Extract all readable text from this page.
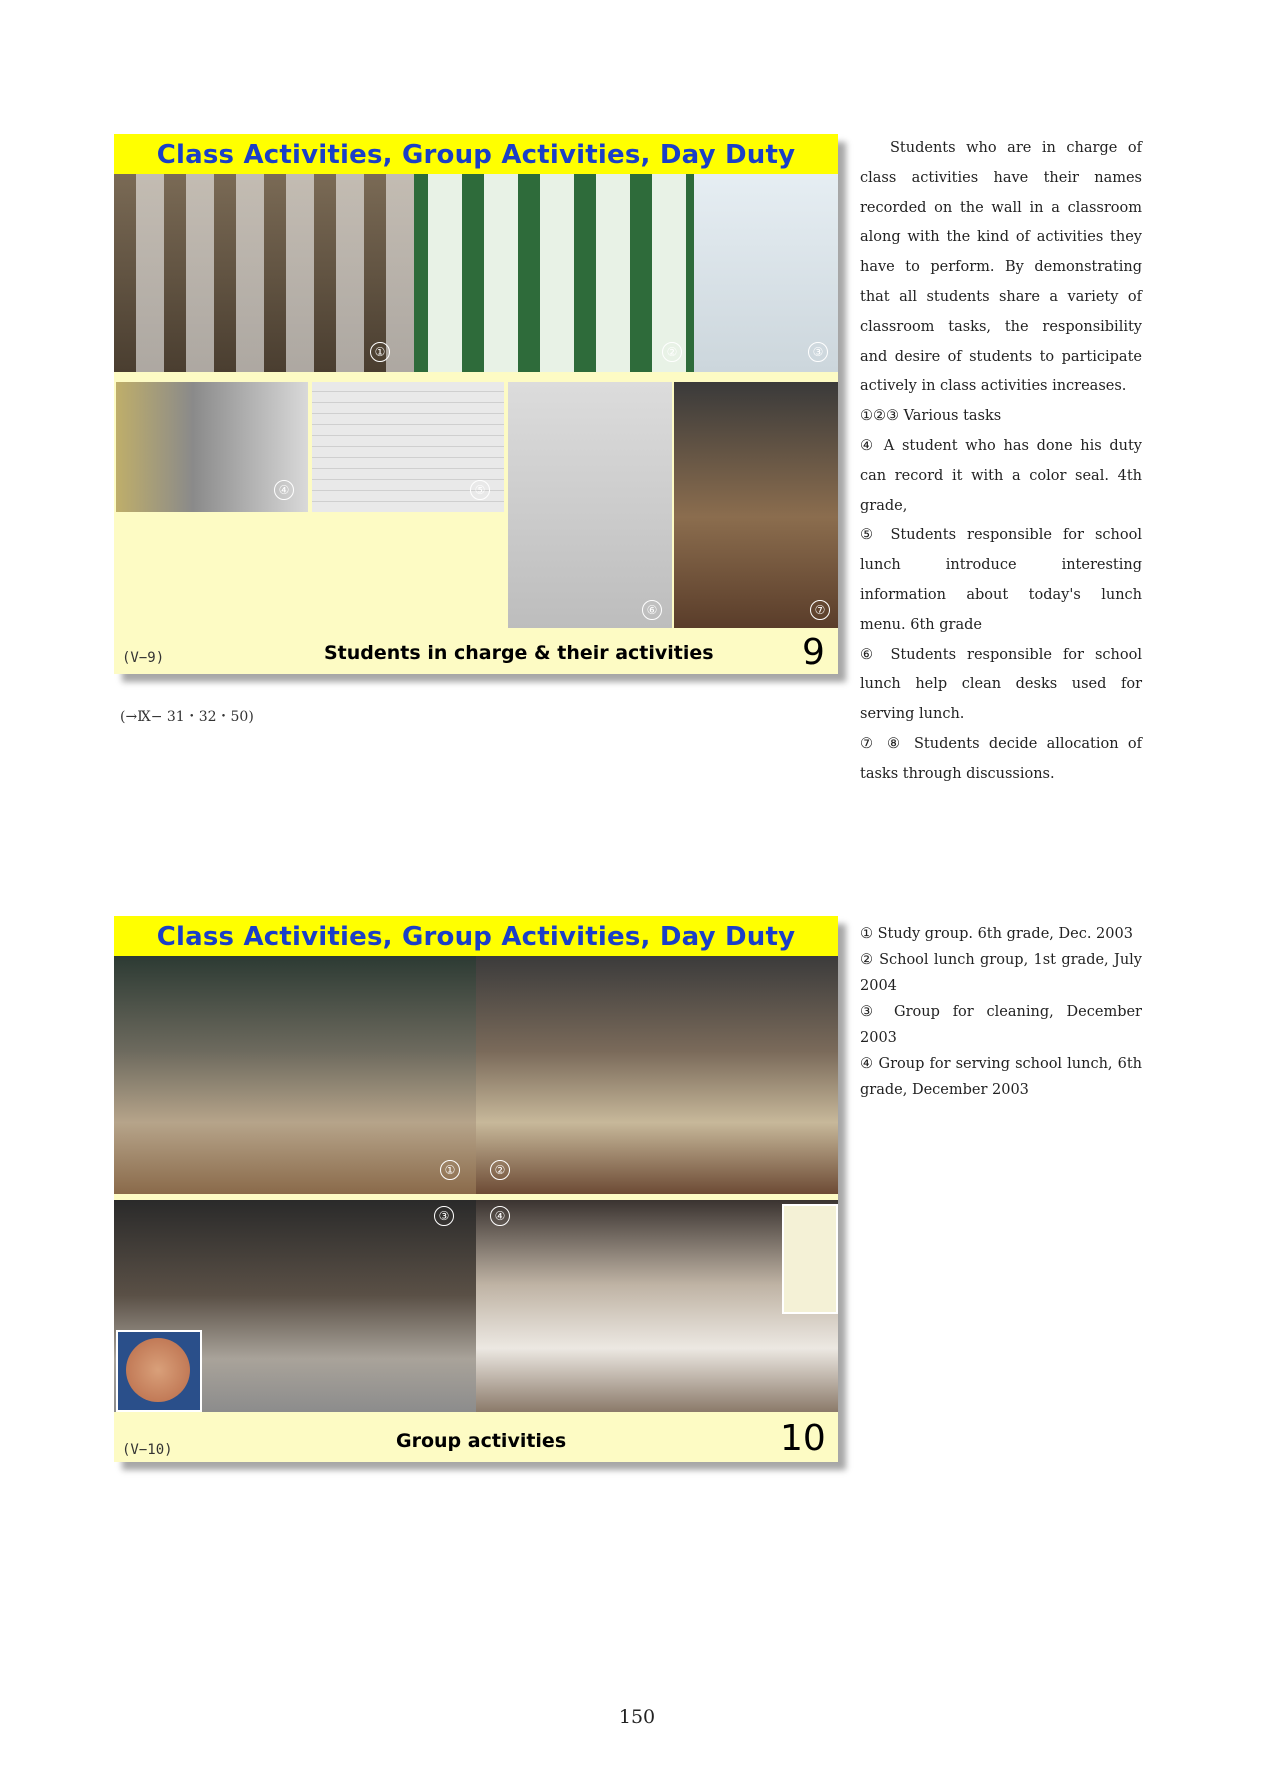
Class Activities, Group Activities, Day Duty
①	②	③
④	⑤
⑥	⑦
(V−9)	Students in charge & their activities 9
(→Ⅸ− 31・32・50)

Students who are in charge of class activities have their names recorded on the wall in a classroom along with the kind of activities they have to perform. By demonstrating that all students share a variety of classroom tasks, the responsibility and desire of students to participate actively in class activities increases.

①②③ Various tasks

④ A student who has done his duty can record it with a color seal. 4th grade,

⑤ Students responsible for school lunch introduce interesting information about today's lunch menu. 6th grade

⑥ Students responsible for school lunch help clean desks used for serving lunch.

⑦ ⑧ Students decide allocation of tasks through discussions.

Class Activities, Group Activities, Day Duty
①	②
③	④
(V−10)	Group activities	10

① Study group. 6th grade, Dec. 2003

② School lunch group, 1st grade, July 2004

③ Group for cleaning, December 2003

④ Group for serving school lunch, 6th grade, December 2003

150
